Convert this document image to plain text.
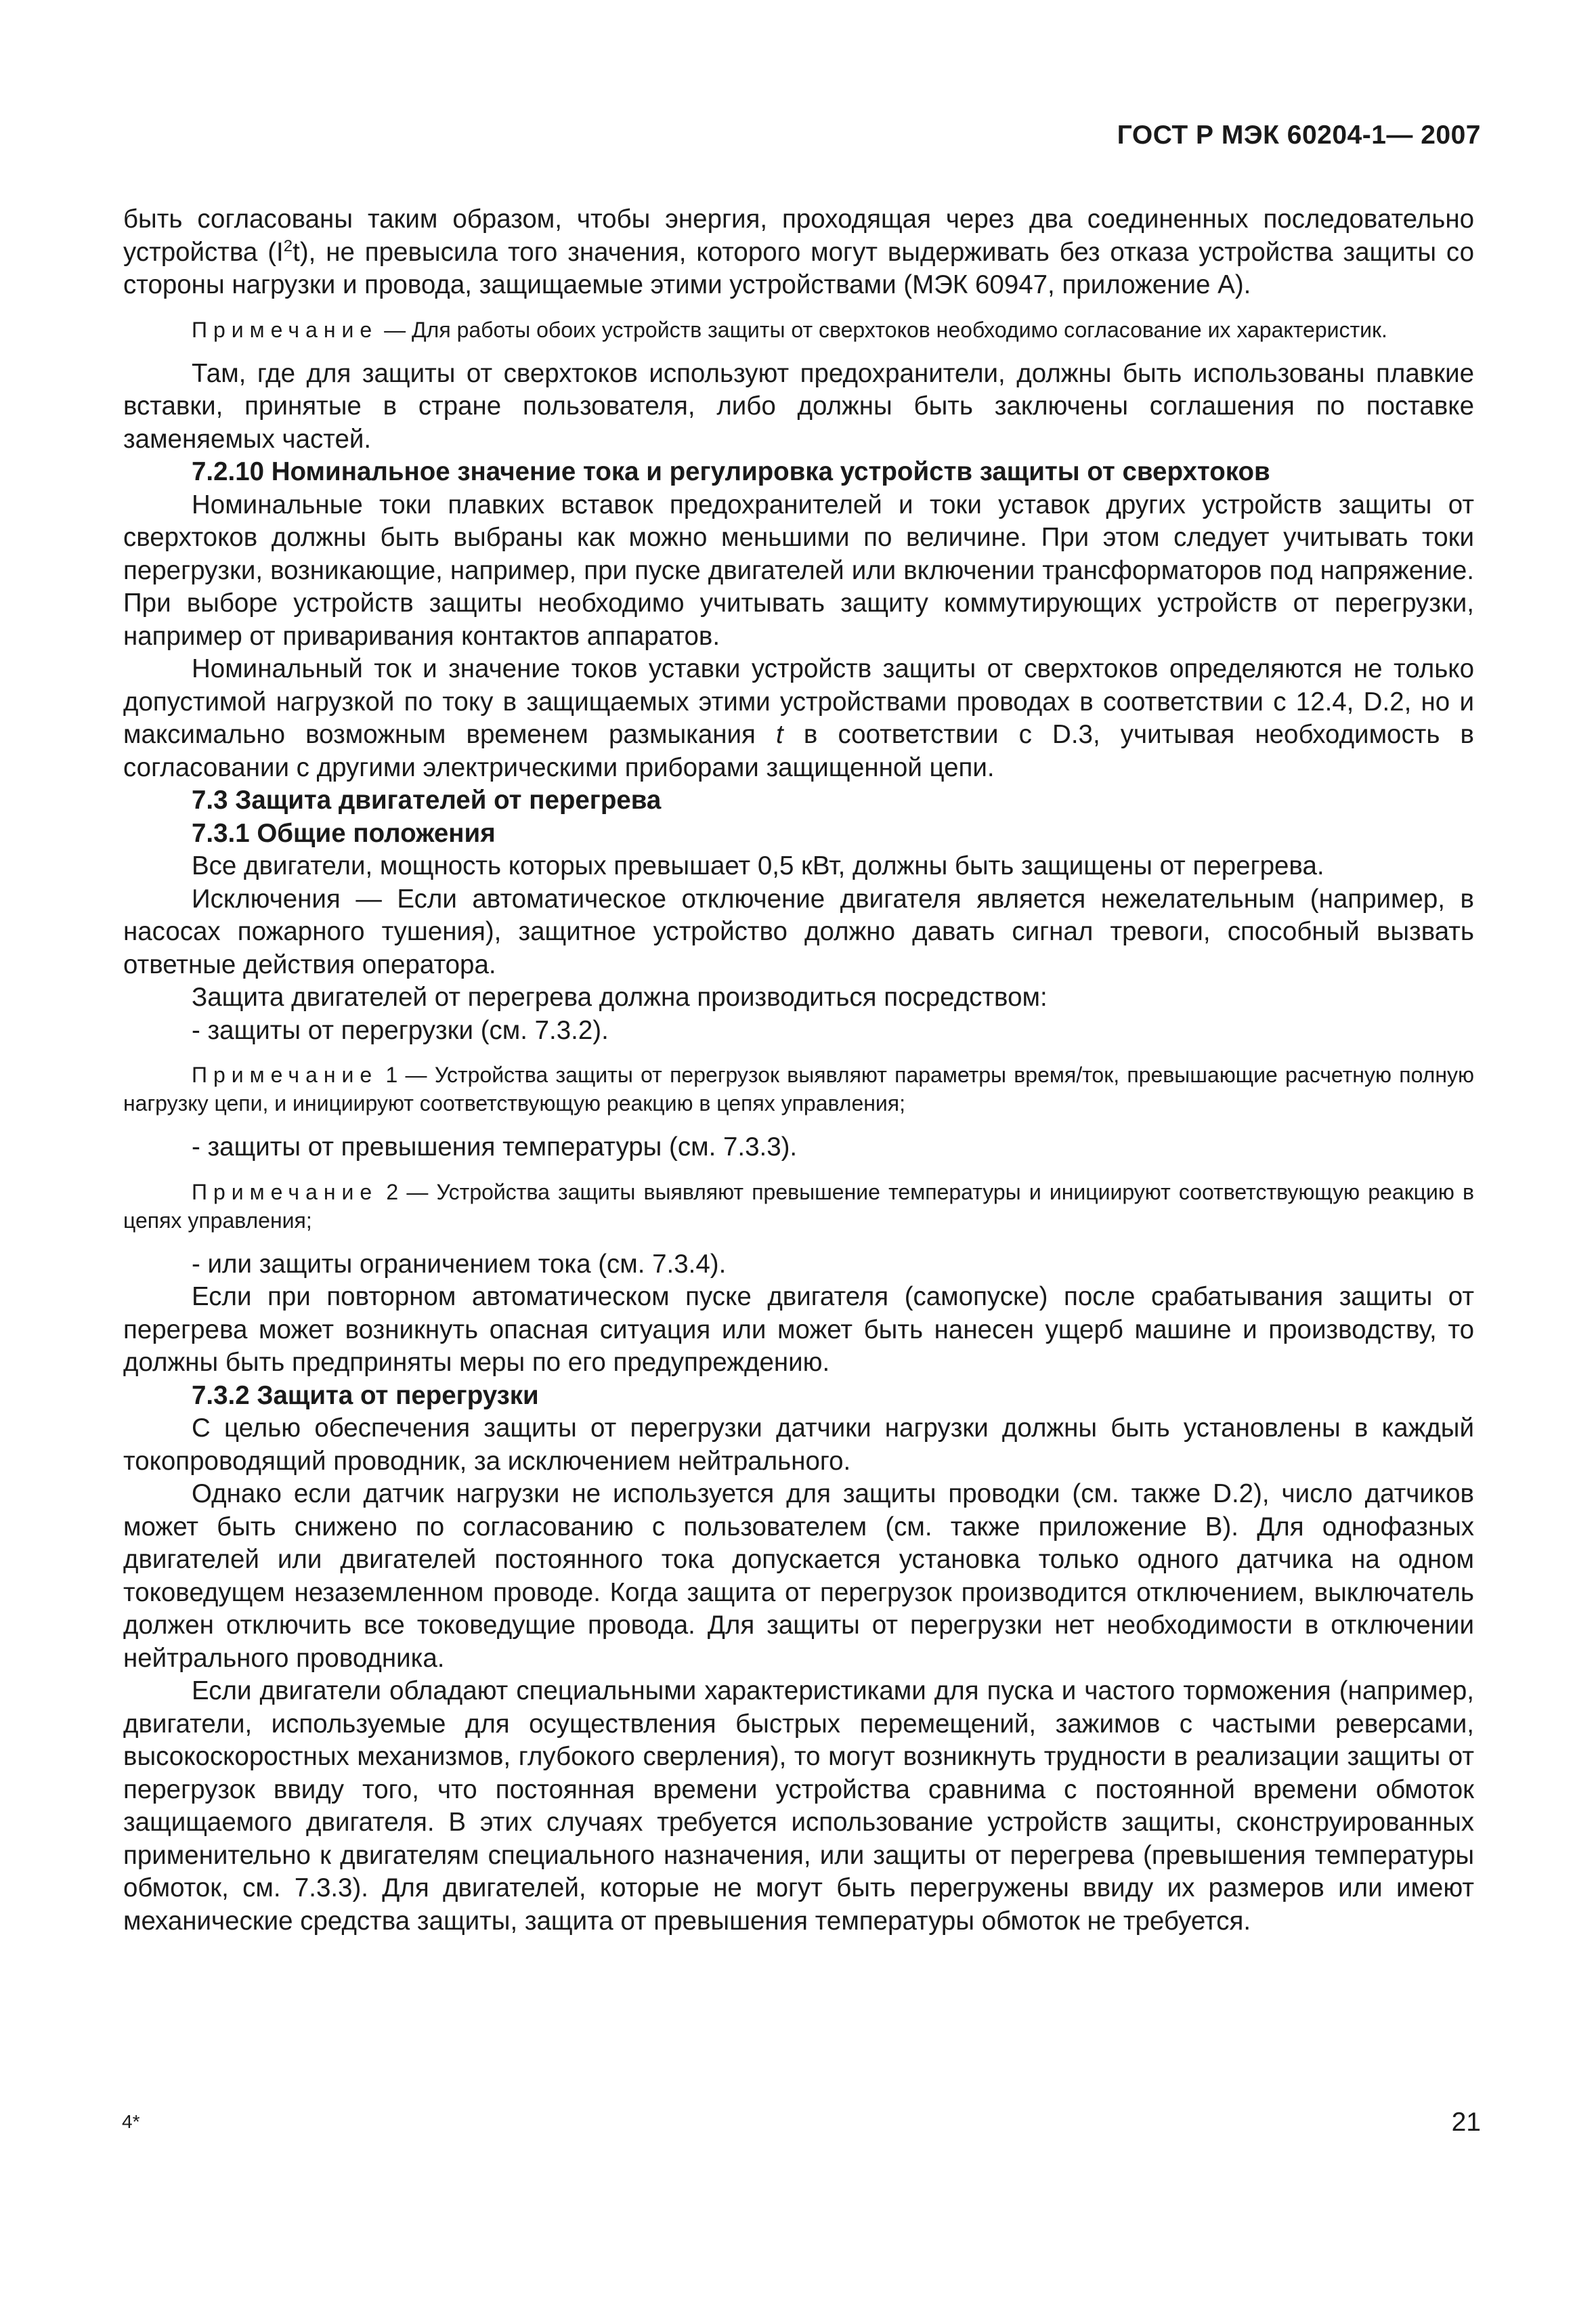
ГОСТ Р МЭК 60204-1— 2007

быть согласованы таким образом, чтобы энергия, проходящая через два соединенных последовательно устройства $(I^2t)$, не превысила того значения, которого могут выдерживать без отказа устройства защиты со стороны нагрузки и провода, защищаемые этими устройствами (МЭК 60947, приложение А).

Примечание — Для работы обоих устройств защиты от сверхтоков необходимо согласование их характеристик.

Там, где для защиты от сверхтоков используют предохранители, должны быть использованы плавкие вставки, принятые в стране пользователя, либо должны быть заключены соглашения по поставке заменяемых частей.

7.2.10 Номинальное значение тока и регулировка устройств защиты от сверхтоков

Номинальные токи плавких вставок предохранителей и токи уставок других устройств защиты от сверхтоков должны быть выбраны как можно меньшими по величине. При этом следует учитывать токи перегрузки, возникающие, например, при пуске двигателей или включении трансформаторов под напряжение. При выборе устройств защиты необходимо учитывать защиту коммутирующих устройств от перегрузки, например от приваривания контактов аппаратов.

Номинальный ток и значение токов уставки устройств защиты от сверхтоков определяются не только допустимой нагрузкой по току в защищаемых этими устройствами проводах в соответствии с 12.4, D.2, но и максимально возможным временем размыкания t в соответствии с D.3, учитывая необходимость в согласовании с другими электрическими приборами защищенной цепи.

7.3 Защита двигателей от перегрева

7.3.1 Общие положения

Все двигатели, мощность которых превышает 0,5 кВт, должны быть защищены от перегрева.

Исключения — Если автоматическое отключение двигателя является нежелательным (например, в насосах пожарного тушения), защитное устройство должно давать сигнал тревоги, способный вызвать ответные действия оператора.

Защита двигателей от перегрева должна производиться посредством:

- защиты от перегрузки (см. 7.3.2).

Примечание 1 — Устройства защиты от перегрузок выявляют параметры время/ток, превышающие расчетную полную нагрузку цепи, и инициируют соответствующую реакцию в цепях управления;

- защиты от превышения температуры (см. 7.3.3).

Примечание 2 — Устройства защиты выявляют превышение температуры и инициируют соответствующую реакцию в цепях управления;

- или защиты ограничением тока (см. 7.3.4).

Если при повторном автоматическом пуске двигателя (самопуске) после срабатывания защиты от перегрева может возникнуть опасная ситуация или может быть нанесен ущерб машине и производству, то должны быть предприняты меры по его предупреждению.

7.3.2 Защита от перегрузки

С целью обеспечения защиты от перегрузки датчики нагрузки должны быть установлены в каждый токопроводящий проводник, за исключением нейтрального.

Однако если датчик нагрузки не используется для защиты проводки (см. также D.2), число датчиков может быть снижено по согласованию с пользователем (см. также приложение В). Для однофазных двигателей или двигателей постоянного тока допускается установка только одного датчика на одном токоведущем незаземленном проводе. Когда защита от перегрузок производится отключением, выключатель должен отключить все токоведущие провода. Для защиты от перегрузки нет необходимости в отключении нейтрального проводника.

Если двигатели обладают специальными характеристиками для пуска и частого торможения (например, двигатели, используемые для осуществления быстрых перемещений, зажимов с частыми реверсами, высокоскоростных механизмов, глубокого сверления), то могут возникнуть трудности в реализации защиты от перегрузок ввиду того, что постоянная времени устройства сравнима с постоянной времени обмоток защищаемого двигателя. В этих случаях требуется использование устройств защиты, сконструированных применительно к двигателям специального назначения, или защиты от перегрева (превышения температуры обмоток, см. 7.3.3). Для двигателей, которые не могут быть перегружены ввиду их размеров или имеют механические средства защиты, защита от превышения температуры обмоток не требуется.

4*	21
